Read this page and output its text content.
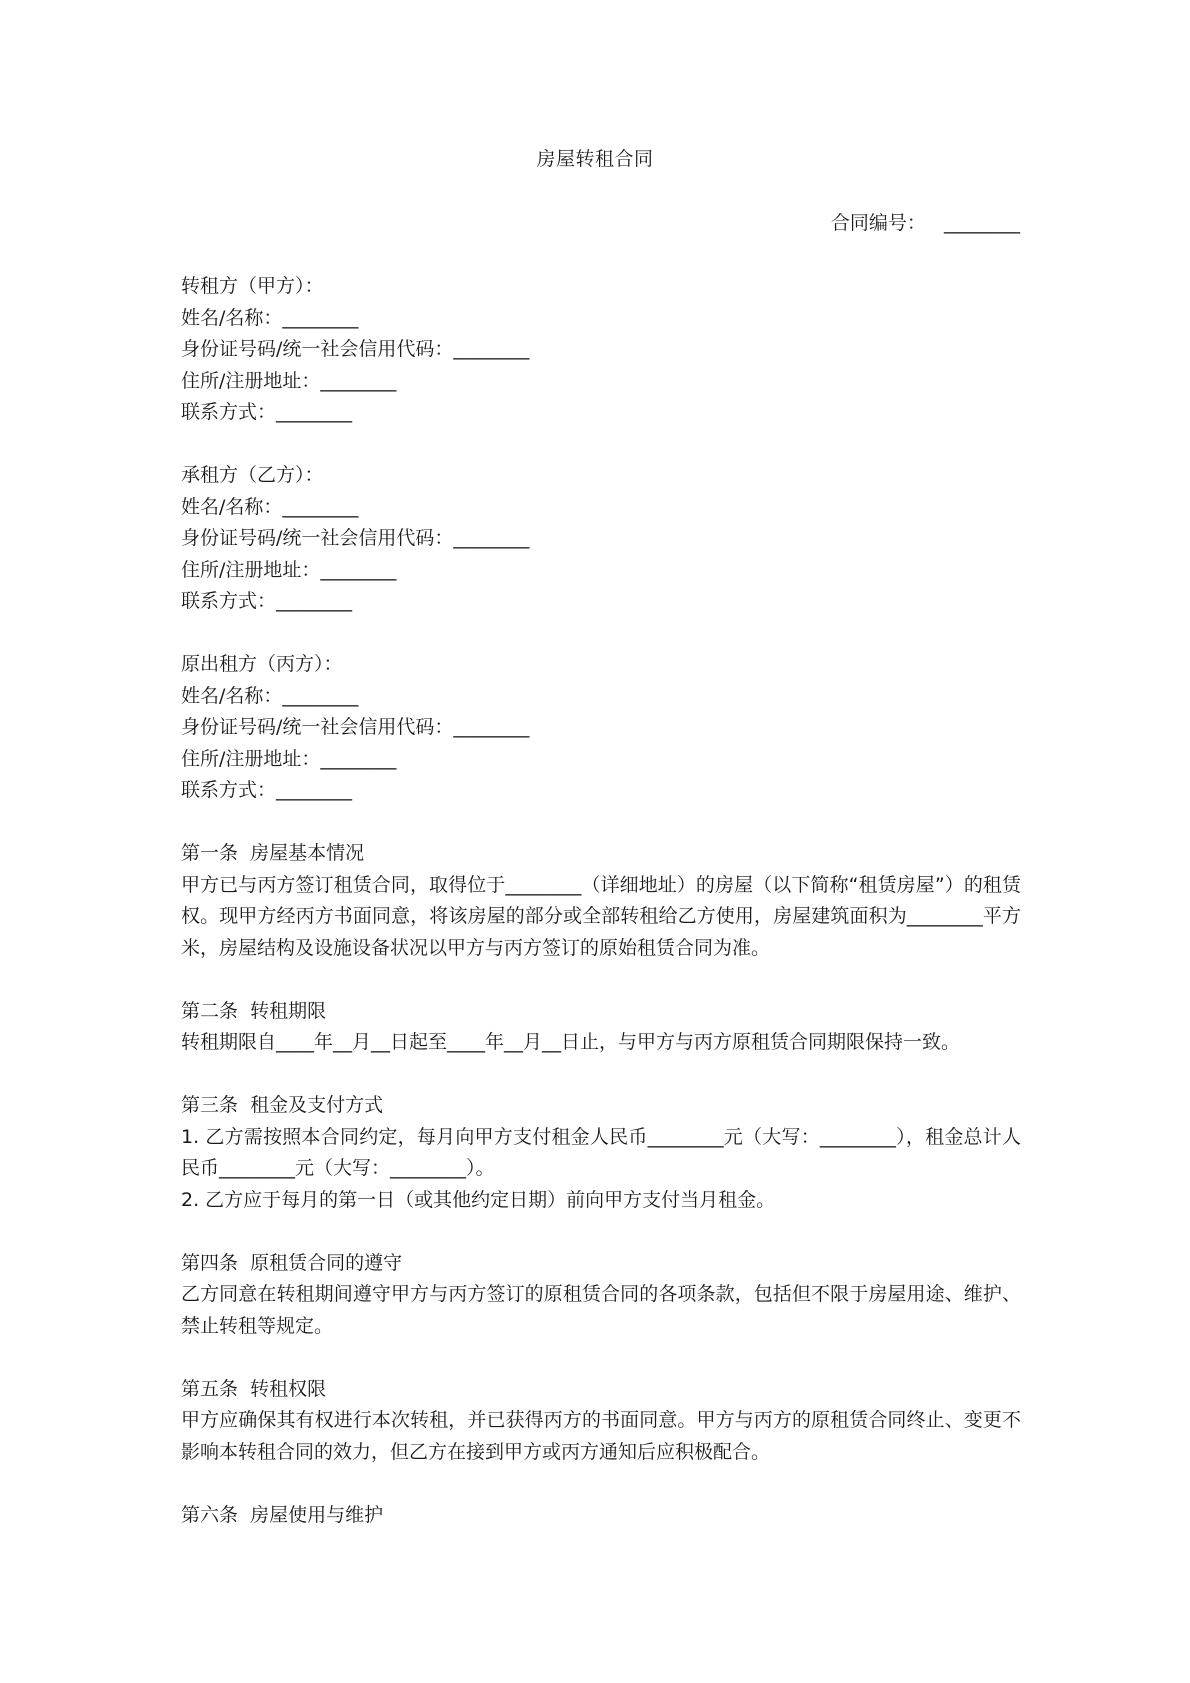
房屋转租合同
合同编号：   ________
转租方（甲方）：
姓名/名称：________
身份证号码/统一社会信用代码：________
住所/注册地址：________
联系方式：________
承租方（乙方）：
姓名/名称：________
身份证号码/统一社会信用代码：________
住所/注册地址：________
联系方式：________
原出租方（丙方）：
姓名/名称：________
身份证号码/统一社会信用代码：________
住所/注册地址：________
联系方式：________
第一条  房屋基本情况
甲方已与丙方签订租赁合同，取得位于________（详细地址）的房屋（以下简称“租赁房屋”）的租赁权。现甲方经丙方书面同意，将该房屋的部分或全部转租给乙方使用，房屋建筑面积为________平方米，房屋结构及设施设备状况以甲方与丙方签订的原始租赁合同为准。
第二条  转租期限
转租期限自____年__月__日起至____年__月__日止，与甲方与丙方原租赁合同期限保持一致。
第三条  租金及支付方式
1. 乙方需按照本合同约定，每月向甲方支付租金人民币________元（大写：________），租金总计人民币________元（大写：________）。
2. 乙方应于每月的第一日（或其他约定日期）前向甲方支付当月租金。
第四条  原租赁合同的遵守
乙方同意在转租期间遵守甲方与丙方签订的原租赁合同的各项条款，包括但不限于房屋用途、维护、禁止转租等规定。
第五条  转租权限
甲方应确保其有权进行本次转租，并已获得丙方的书面同意。甲方与丙方的原租赁合同终止、变更不影响本转租合同的效力，但乙方在接到甲方或丙方通知后应积极配合。
第六条  房屋使用与维护
